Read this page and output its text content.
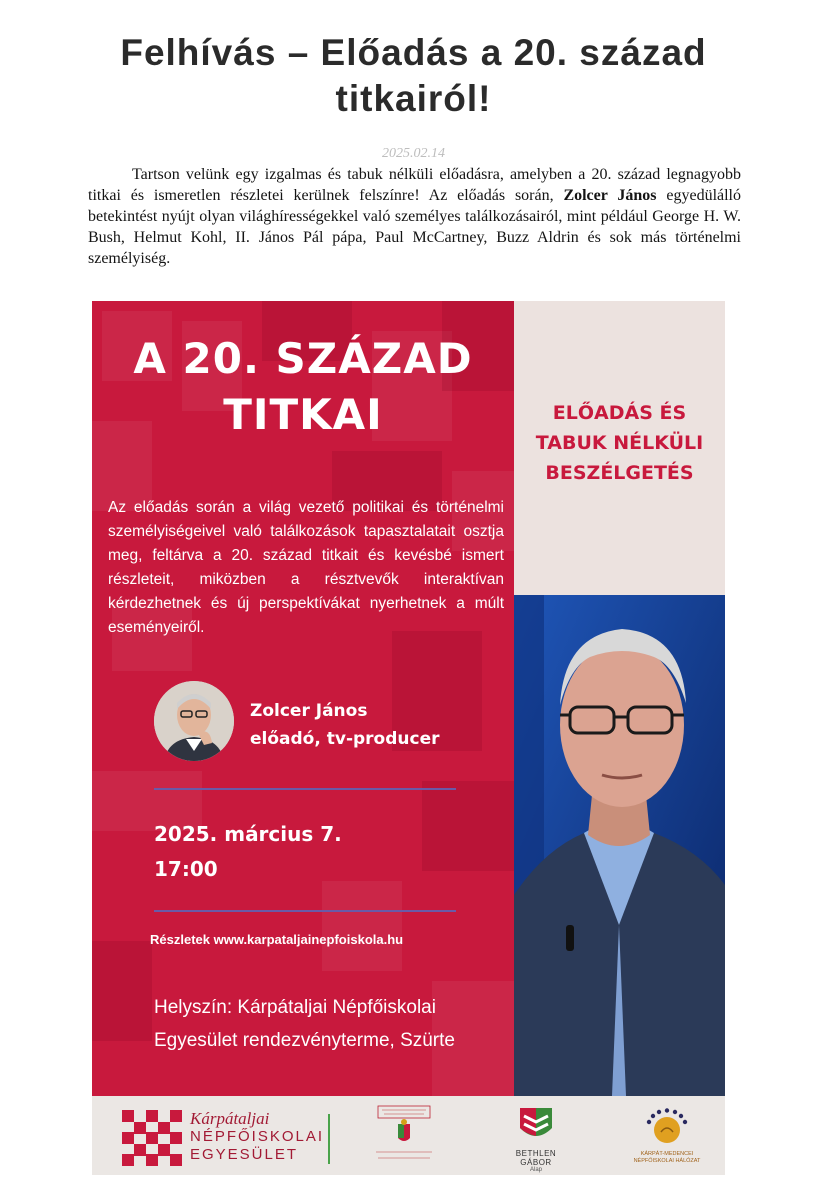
Felhívás – Előadás a 20. század
titkairól!
2025.02.14

Tartson velünk egy izgalmas és tabuk nélküli előadásra, amelyben a 20. század legnagyobb titkai és ismeretlen részletei kerülnek felszínre! Az előadás során, Zolcer János egyedülálló betekintést nyújt olyan világhírességekkel való személyes találkozásairól, mint például George H. W. Bush, Helmut Kohl, II. János Pál pápa, Paul McCartney, Buzz Aldrin és sok más történelmi személyiség.

A 20. SZÁZAD
TITKAI

Az előadás során a világ vezető politikai és történelmi személyiségeivel való találkozások tapasztalatait osztja meg, feltárva a 20. század titkait és kevésbé ismert részleteit, miközben a résztvevők interaktívan kérdezhetnek és új perspektívákat nyerhetnek a múlt eseményeiről.

Zolcer János
előadó, tv-producer
2025. március 7.
17:00
Részletek www.karpataljainepfoiskola.hu
Helyszín: Kárpátaljai Népfőiskolai
Egyesület rendezvényterme, Szürte
ELŐADÁS ÉS
TABUK NÉLKÜLI
BESZÉLGETÉS
Kárpátaljai
NÉPFŐISKOLAI
EGYESÜLET	BETHLEN GÁBOR
Alap
KÁRPÁT-MEDENCEI
NÉPFŐISKOLAI HÁLÓZAT
